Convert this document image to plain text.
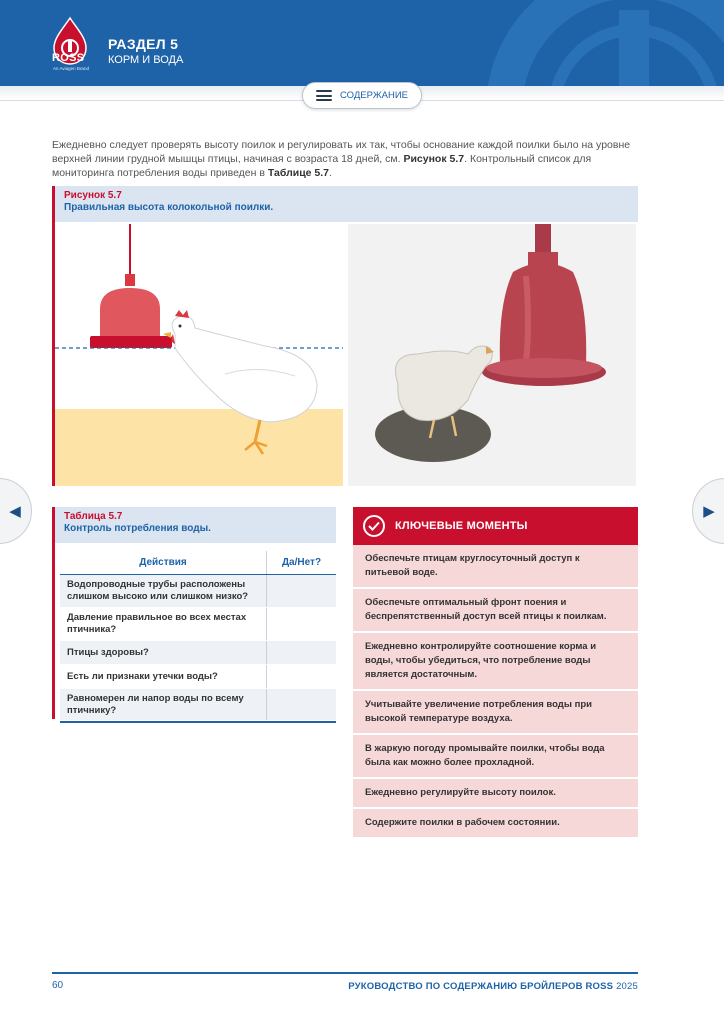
ROSS
An Aviagen Brand
РАЗДЕЛ 5
КОРМ И ВОДА
СОДЕРЖАНИЕ

Ежедневно следует проверять высоту поилок и регулировать их так, чтобы основание каждой поилки было на уровне верхней линии грудной мышцы птицы, начиная с возраста 18 дней, см. Рисунок 5.7. Контрольный список для мониторинга потребления воды приведен в Таблице 5.7.

Рисунок 5.7
Правильная высота колокольной поилки.
◀	▶
Таблица 5.7
Контроль потребления воды.
Действия	Да/Нет?
Водопроводные трубы расположены слишком высоко или слишком низко?
Давление правильное во всех местах птичника?
Птицы здоровы?
Есть ли признаки утечки воды?
Равномерен ли напор воды по всему птичнику?
КЛЮЧЕВЫЕ МОМЕНТЫ
Обеспечьте птицам круглосуточный доступ к питьевой воде.
Обеспечьте оптимальный фронт поения и беспрепятственный доступ всей птицы к поилкам.
Ежедневно контролируйте соотношение корма и воды, чтобы убедиться, что потребление воды является достаточным.
Учитывайте увеличение потребления воды при высокой температуре воздуха.
В жаркую погоду промывайте поилки, чтобы вода была как можно более прохладной.
Ежедневно регулируйте высоту поилок.
Содержите поилки в рабочем состоянии.
60	РУКОВОДСТВО ПО СОДЕРЖАНИЮ БРОЙЛЕРОВ ROSS 2025
